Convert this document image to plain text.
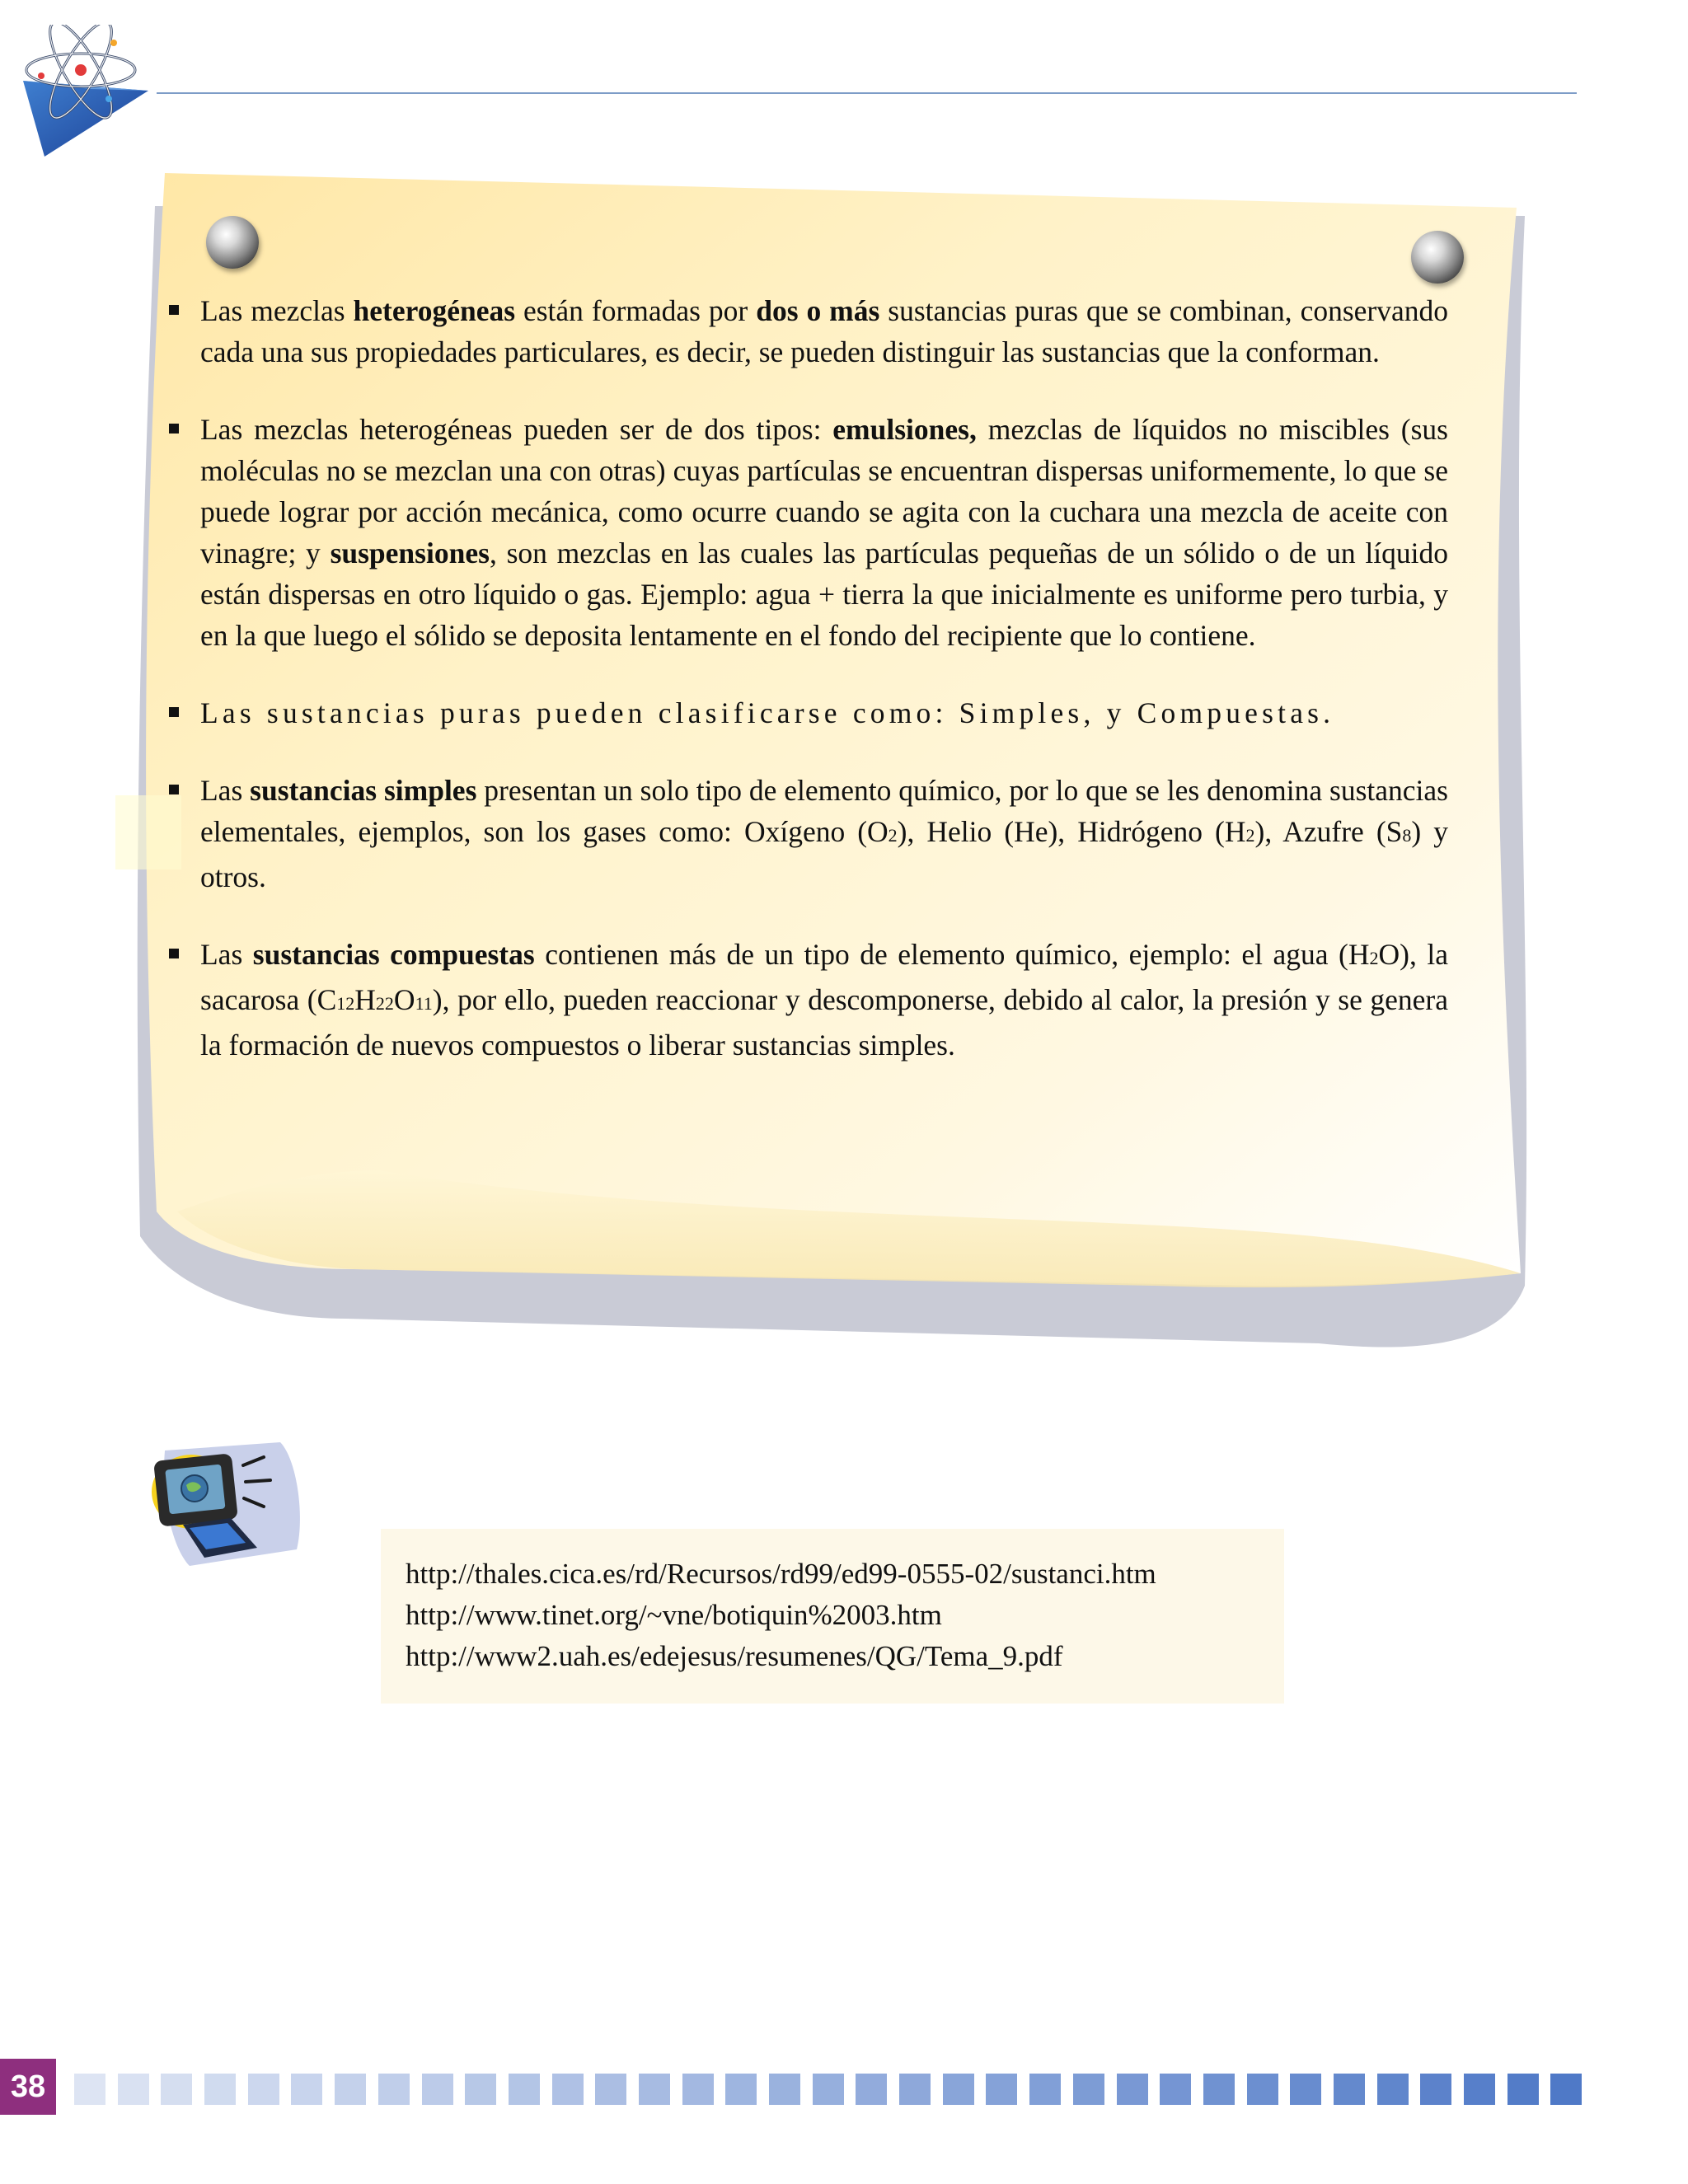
Las mezclas heterogéneas están formadas por dos o más sustancias puras que se combinan, conservando cada una sus propiedades particulares, es decir, se pueden distinguir las sustancias que la conforman.
Las mezclas heterogéneas pueden ser de dos tipos: emulsiones, mezclas de líquidos no miscibles (sus moléculas no se mezclan una con otras) cuyas partículas se encuentran dispersas uniformemente, lo que se puede lograr por acción mecánica, como ocurre cuando se agita con la cuchara una mezcla de aceite con vinagre; y suspensiones, son mezclas en las cuales las partículas pequeñas de un sólido o de un líquido están dispersas en otro líquido o gas. Ejemplo: agua + tierra la que inicialmente es uniforme pero turbia, y en la que luego el sólido se deposita lentamente en el fondo del recipiente que lo contiene.
Las sustancias puras pueden clasificarse como: Simples, y Compuestas.
Las sustancias simples presentan un solo tipo de elemento químico, por lo que se les denomina sustancias elementales, ejemplos, son los gases como: Oxígeno (O2), Helio (He), Hidrógeno (H2), Azufre (S8) y otros.
Las sustancias compuestas contienen más de un tipo de elemento químico, ejemplo: el agua (H2O), la sacarosa (C12H22O11), por ello, pueden reaccionar y descomponerse, debido al calor, la presión y se genera la formación de nuevos compuestos o liberar sustancias simples.
http://thales.cica.es/rd/Recursos/rd99/ed99-0555-02/sustanci.htm
http://www.tinet.org/~vne/botiquin%2003.htm
http://www2.uah.es/edejesus/resumenes/QG/Tema_9.pdf
38
